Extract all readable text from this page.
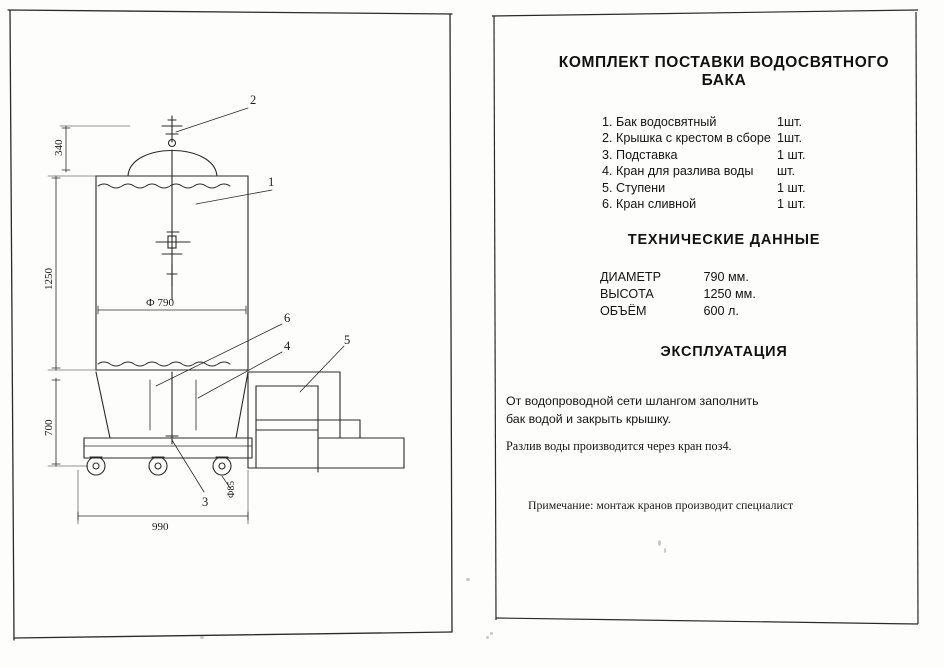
1
2
3
4	5
6
1250
340
700
Ф 790
990
Ф85
КОМПЛЕКТ ПОСТАВКИ ВОДОСВЯТНОГО БАКА
1. Бак водосвятный	1шт.
2. Крышка с крестом в сборе 1шт.
3. Подставка	1 шт.
4. Кран для разлива воды шт.
5. Ступени	1 шт.
6. Кран сливной	1 шт.
ТЕХНИЧЕСКИЕ ДАННЫЕ
ДИАМЕТР	790 мм.
ВЫСОТА	1250 мм.
ОБЪЁМ	600 л.
ЭКСПЛУАТАЦИЯ
От водопроводной сети шлангом заполнить
бак водой и закрыть крышку.
Разлив воды производится через кран поз4.
Примечание: монтаж кранов производит специалист
